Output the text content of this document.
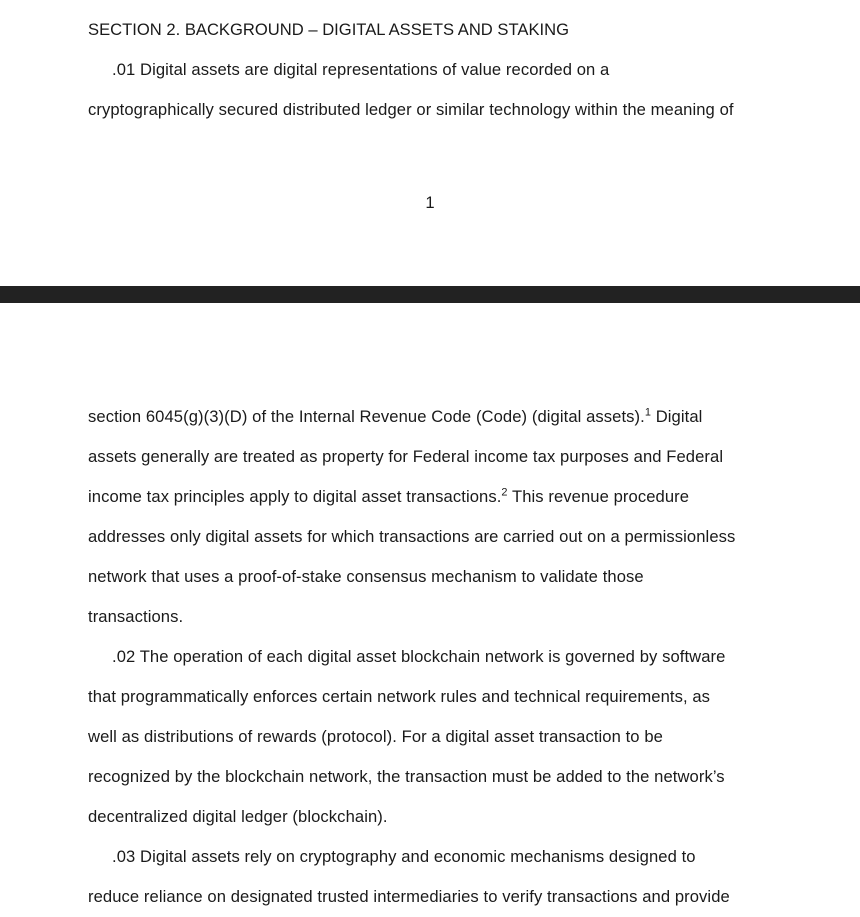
SECTION 2. BACKGROUND – DIGITAL ASSETS AND STAKING
.01 Digital assets are digital representations of value recorded on a
cryptographically secured distributed ledger or similar technology within the meaning of
1
section 6045(g)(3)(D) of the Internal Revenue Code (Code) (digital assets).$^1$ Digital
assets generally are treated as property for Federal income tax purposes and Federal
income tax principles apply to digital asset transactions.$^2$ This revenue procedure
addresses only digital assets for which transactions are carried out on a permissionless
network that uses a proof-of-stake consensus mechanism to validate those
transactions.
.02 The operation of each digital asset blockchain network is governed by software
that programmatically enforces certain network rules and technical requirements, as
well as distributions of rewards (protocol). For a digital asset transaction to be
recognized by the blockchain network, the transaction must be added to the network’s
decentralized digital ledger (blockchain).
.03 Digital assets rely on cryptography and economic mechanisms designed to
reduce reliance on designated trusted intermediaries to verify transactions and provide
